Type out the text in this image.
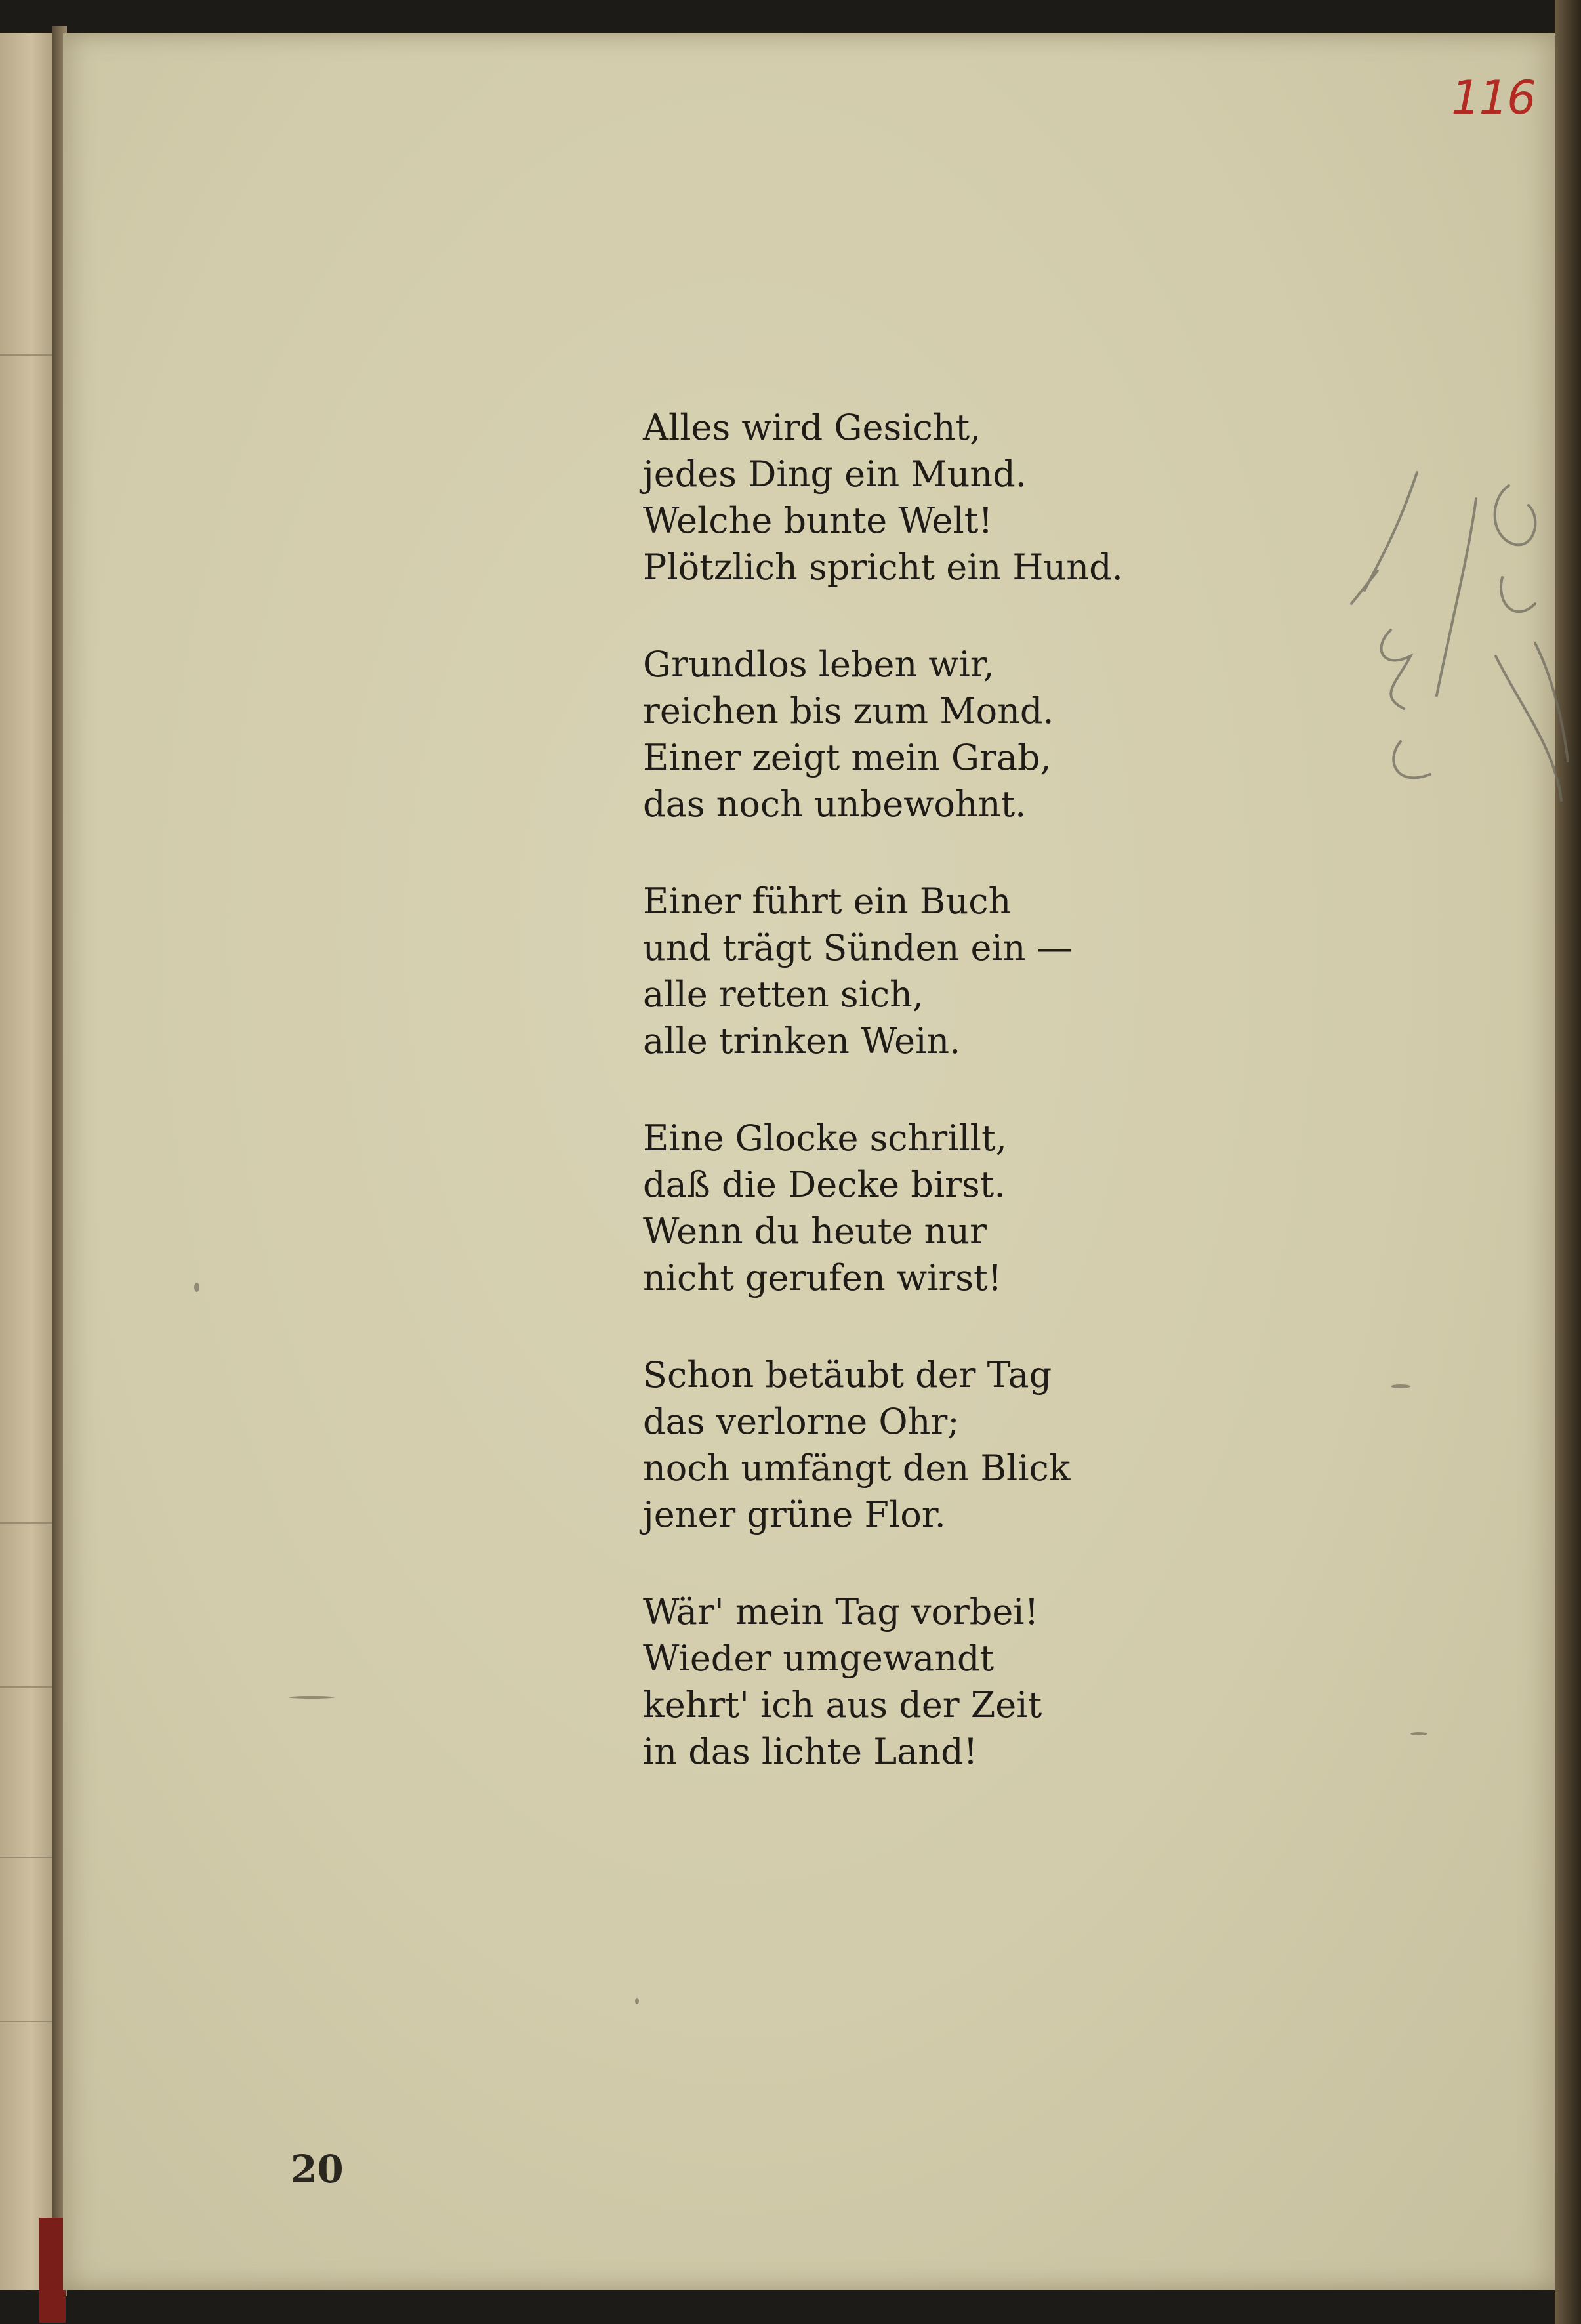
116
Alles wird Gesicht,
jedes Ding ein Mund.
Welche bunte Welt!
Plötzlich spricht ein Hund.
Grundlos leben wir,
reichen bis zum Mond.
Einer zeigt mein Grab,
das noch unbewohnt.
Einer führt ein Buch
und trägt Sünden ein —
alle retten sich,
alle trinken Wein.
Eine Glocke schrillt,
daß die Decke birst.
Wenn du heute nur
nicht gerufen wirst!
Schon betäubt der Tag
das verlorne Ohr;
noch umfängt den Blick
jener grüne Flor.
Wär' mein Tag vorbei!
Wieder umgewandt
kehrt' ich aus der Zeit
in das lichte Land!
20
